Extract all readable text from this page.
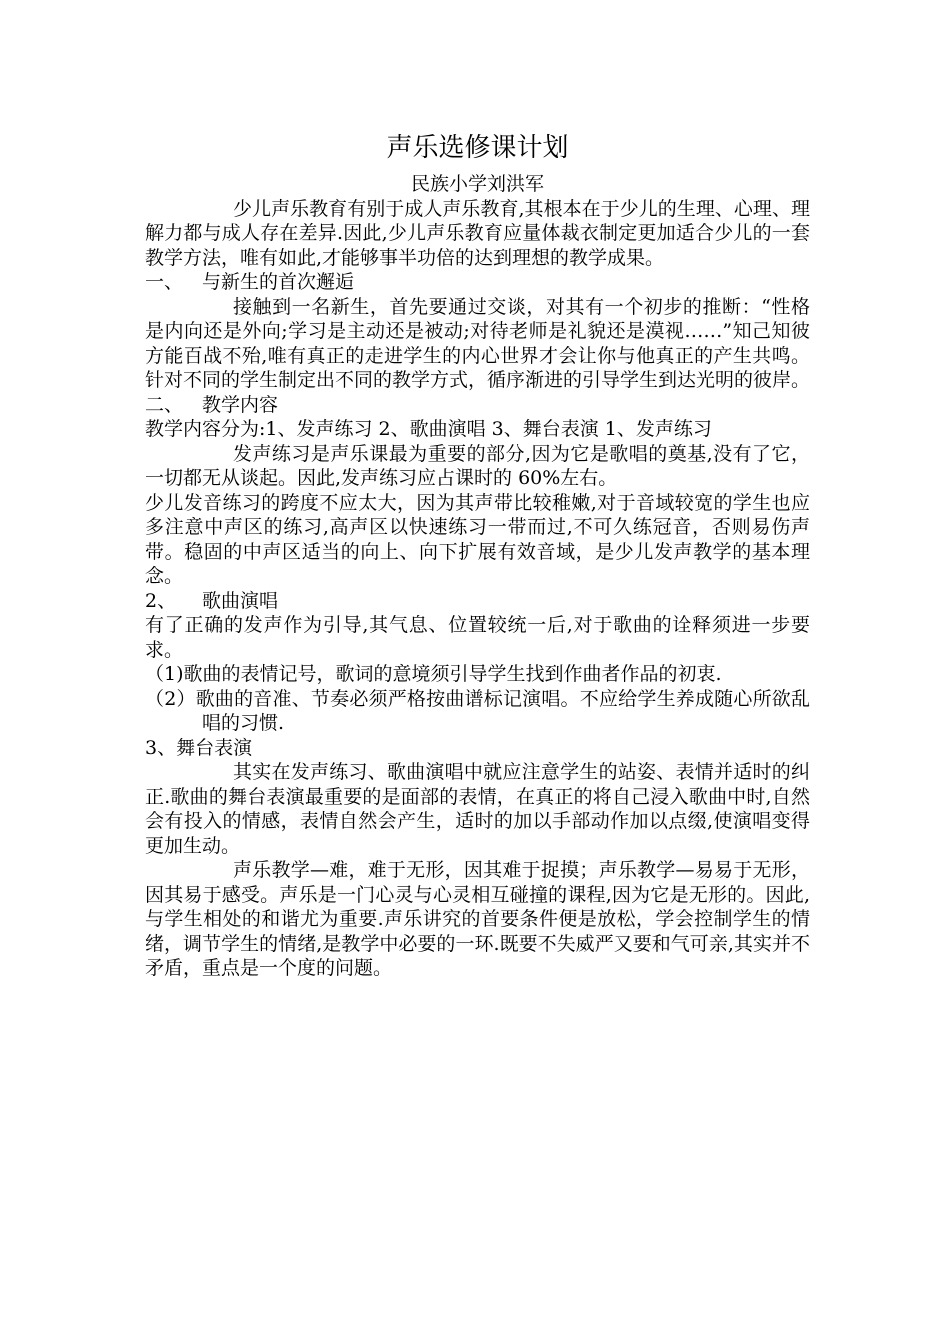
声乐选修课计划

民族小学刘洪军

少儿声乐教育有别于成人声乐教育,其根本在于少儿的生理、心理、理解力都与成人存在差异.因此,少儿声乐教育应量体裁衣制定更加适合少儿的一套教学方法，唯有如此,才能够事半功倍的达到理想的教学成果。

一、 与新生的首次邂逅

接触到一名新生，首先要通过交谈，对其有一个初步的推断：“性格是内向还是外向;学习是主动还是被动;对待老师是礼貌还是漠视……”知己知彼方能百战不殆,唯有真正的走进学生的内心世界才会让你与他真正的产生共鸣。针对不同的学生制定出不同的教学方式，循序渐进的引导学生到达光明的彼岸。

二、 教学内容

教学内容分为:1、发声练习 2、歌曲演唱 3、舞台表演 1、发声练习

发声练习是声乐课最为重要的部分,因为它是歌唱的奠基,没有了它，一切都无从谈起。因此,发声练习应占课时的 60%左右。

少儿发音练习的跨度不应太大，因为其声带比较稚嫩,对于音域较宽的学生也应多注意中声区的练习,高声区以快速练习一带而过,不可久练冠音，否则易伤声带。稳固的中声区适当的向上、向下扩展有效音域，是少儿发声教学的基本理念。

2、 歌曲演唱

有了正确的发声作为引导,其气息、位置较统一后,对于歌曲的诠释须进一步要求。

（1)歌曲的表情记号，歌词的意境须引导学生找到作曲者作品的初衷.

（2）歌曲的音准、节奏必须严格按曲谱标记演唱。不应给学生养成随心所欲乱唱的习惯.

3、舞台表演

其实在发声练习、歌曲演唱中就应注意学生的站姿、表情并适时的纠正.歌曲的舞台表演最重要的是面部的表情，在真正的将自己浸入歌曲中时,自然会有投入的情感，表情自然会产生，适时的加以手部动作加以点缀,使演唱变得更加生动。

声乐教学—难，难于无形，因其难于捉摸；声乐教学—易易于无形，因其易于感受。声乐是一门心灵与心灵相互碰撞的课程,因为它是无形的。因此,与学生相处的和谐尤为重要.声乐讲究的首要条件便是放松，学会控制学生的情绪，调节学生的情绪,是教学中必要的一环.既要不失威严又要和气可亲,其实并不矛盾，重点是一个度的问题。
